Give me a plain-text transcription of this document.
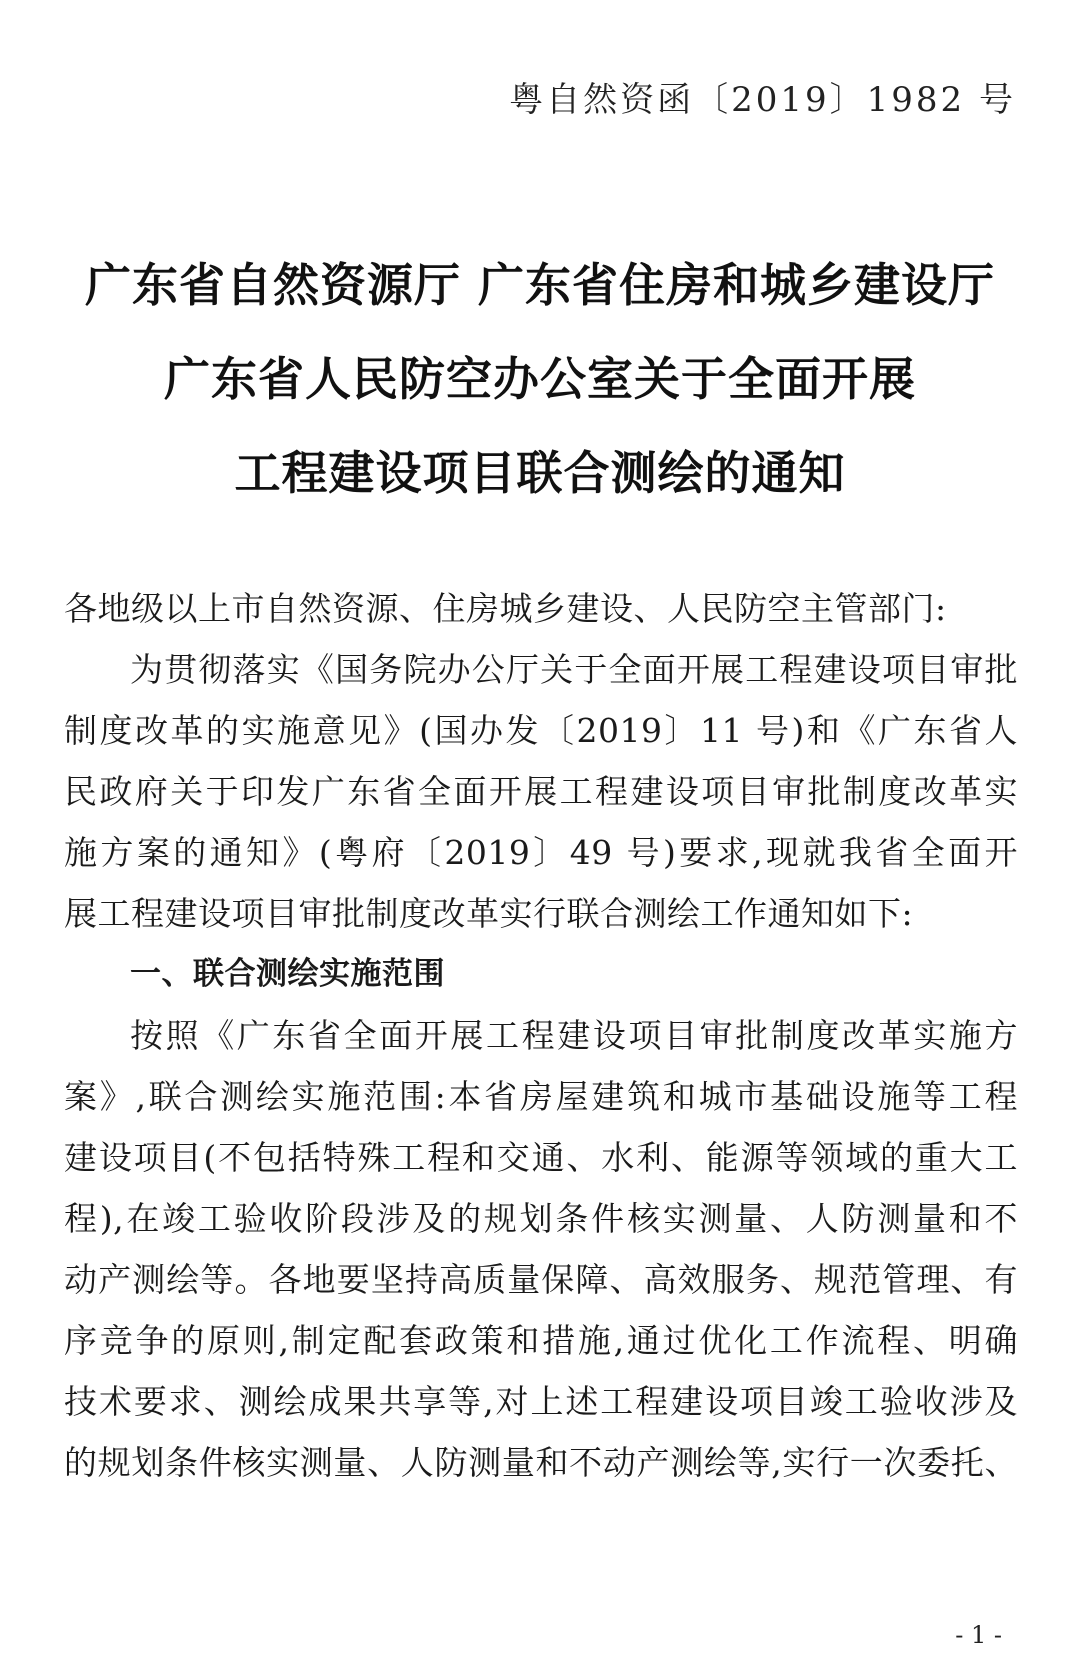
粤自然资函〔2019〕1982 号
广东省自然资源厅 广东省住房和城乡建设厅
广东省人民防空办公室关于全面开展
工程建设项目联合测绘的通知
各地级以上市自然资源、住房城乡建设、人民防空主管部门:
为贯彻落实《国务院办公厅关于全面开展工程建设项目审批
制度改革的实施意见》(国办发〔2019〕11 号)和《广东省人
民政府关于印发广东省全面开展工程建设项目审批制度改革实
施方案的通知》(粤府〔2019〕49 号)要求,现就我省全面开
展工程建设项目审批制度改革实行联合测绘工作通知如下:
一、联合测绘实施范围
按照《广东省全面开展工程建设项目审批制度改革实施方
案》,联合测绘实施范围:本省房屋建筑和城市基础设施等工程
建设项目(不包括特殊工程和交通、水利、能源等领域的重大工
程),在竣工验收阶段涉及的规划条件核实测量、人防测量和不
动产测绘等。各地要坚持高质量保障、高效服务、规范管理、有
序竞争的原则,制定配套政策和措施,通过优化工作流程、明确
技术要求、测绘成果共享等,对上述工程建设项目竣工验收涉及
的规划条件核实测量、人防测量和不动产测绘等,实行一次委托、
- 1 -
